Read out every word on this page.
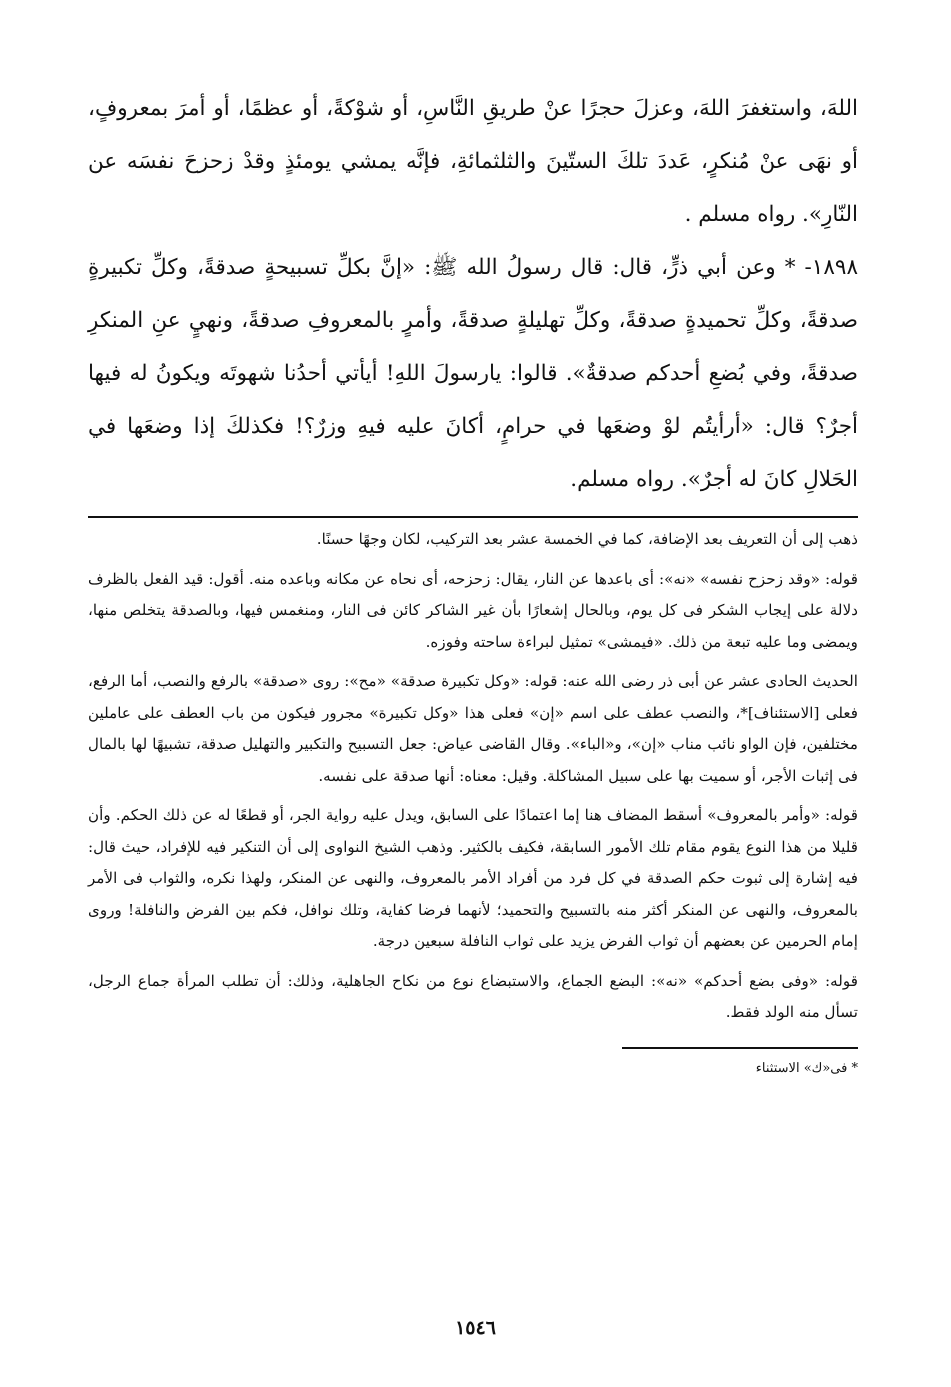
اللهَ، واستغفرَ اللهَ، وعزلَ حجرًا عنْ طريقِ النَّاسِ، أو شوْكةً، أو عظمًا، أو أمرَ بمعروفٍ، أو نهَى عنْ مُنكرٍ، عَددَ تلكَ الستّينَ والثلثمائةِ، فإنَّه يمشي يومئذٍ وقدْ زحزحَ نفسَه عن النّارِ». رواه مسلم .

١٨٩٨- * وعن أبي ذرٍّ، قال: قال رسولُ الله ﷺ: «إنَّ بكلِّ تسبيحةٍ صدقةً، وكلِّ تكبيرةٍ صدقةً، وكلِّ تحميدةٍ صدقةً، وكلِّ تهليلةٍ صدقةً، وأمرٍ بالمعروفِ صدقةً، ونهيٍ عنِ المنكرِ صدقةً، وفي بُضعِ أحدكم صدقةٌ». قالوا: يارسولَ اللهِ! أيأتي أحدُنا شهوتَه ويكونُ له فيها أجرٌ؟ قال: «أرأيتُم لوْ وضعَها في حرامٍ، أكانَ عليه فيهِ وزرٌ؟! فكذلكَ إذا وضعَها في الحَلالِ كانَ له أجرٌ». رواه مسلم.

ذهب إلى أن التعريف بعد الإضافة، كما في الخمسة عشر بعد التركيب، لكان وجهًا حسنًا.

قوله: «وقد زحزح نفسه» «نه»: أى باعدها عن النار، يقال: زحزحه، أى نحاه عن مكانه وباعده منه. أقول: قيد الفعل بالظرف دلالة على إيجاب الشكر فى كل يوم، وبالحال إشعارًا بأن غير الشاكر كائن فى النار، ومنغمس فيها، وبالصدقة يتخلص منها، ويمضى وما عليه تبعة من ذلك. «فيمشى» تمثيل لبراءة ساحته وفوزه.

الحديث الحادى عشر عن أبى ذر رضى الله عنه: قوله: «وكل تكبيرة صدقة» «مح»: روى «صدقة» بالرفع والنصب، أما الرفع، فعلى [الاستئناف]*، والنصب عطف على اسم «إن» فعلى هذا «وكل تكبيرة» مجرور فيكون من باب العطف على عاملين مختلفين، فإن الواو نائب مناب «إن»، و«الباء». وقال القاضى عياض: جعل التسبيح والتكبير والتهليل صدقة، تشبيهًا لها بالمال فى إثبات الأجر، أو سميت بها على سبيل المشاكلة. وقيل: معناه: أنها صدقة على نفسه.

قوله: «وأمر بالمعروف» أسقط المضاف هنا إما اعتمادًا على السابق، ويدل عليه رواية الجر، أو قطعًا له عن ذلك الحكم. وأن قليلا من هذا النوع يقوم مقام تلك الأمور السابقة، فكيف بالكثير. وذهب الشيخ النواوى إلى أن التنكير فيه للإفراد، حيث قال: فيه إشارة إلى ثبوت حكم الصدقة في كل فرد من أفراد الأمر بالمعروف، والنهى عن المنكر، ولهذا نكره، والثواب فى الأمر بالمعروف، والنهى عن المنكر أكثر منه بالتسبيح والتحميد؛ لأنهما فرضا كفاية، وتلك نوافل، فكم بين الفرض والنافلة! وروى إمام الحرمين عن بعضهم أن ثواب الفرض يزيد على ثواب النافلة سبعين درجة.

قوله: «وفى بضع أحدكم» «نه»: البضع الجماع، والاستبضاع نوع من نكاح الجاهلية، وذلك: أن تطلب المرأة جماع الرجل، تسأل منه الولد فقط.

* فى«ك» الاستثناء

١٥٤٦
